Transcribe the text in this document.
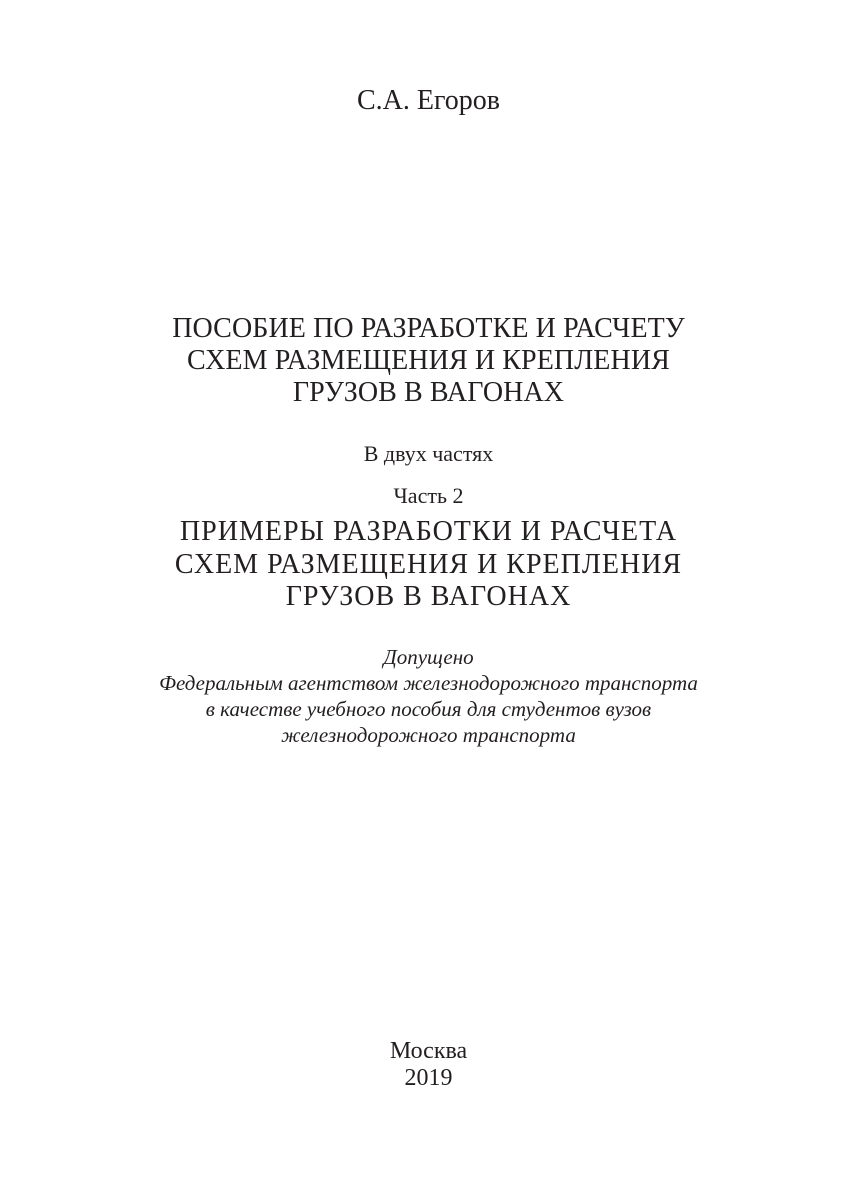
С.А. Егоров
ПОСОБИЕ ПО РАЗРАБОТКЕ И РАСЧЕТУ
СХЕМ РАЗМЕЩЕНИЯ И КРЕПЛЕНИЯ
ГРУЗОВ В ВАГОНАХ
В двух частях
Часть 2
ПРИМЕРЫ РАЗРАБОТКИ И РАСЧЕТА
СХЕМ РАЗМЕЩЕНИЯ И КРЕПЛЕНИЯ
ГРУЗОВ В ВАГОНАХ
Допущено
Федеральным агентством железнодорожного транспорта
в качестве учебного пособия для студентов вузов
железнодорожного транспорта
Москва
2019
